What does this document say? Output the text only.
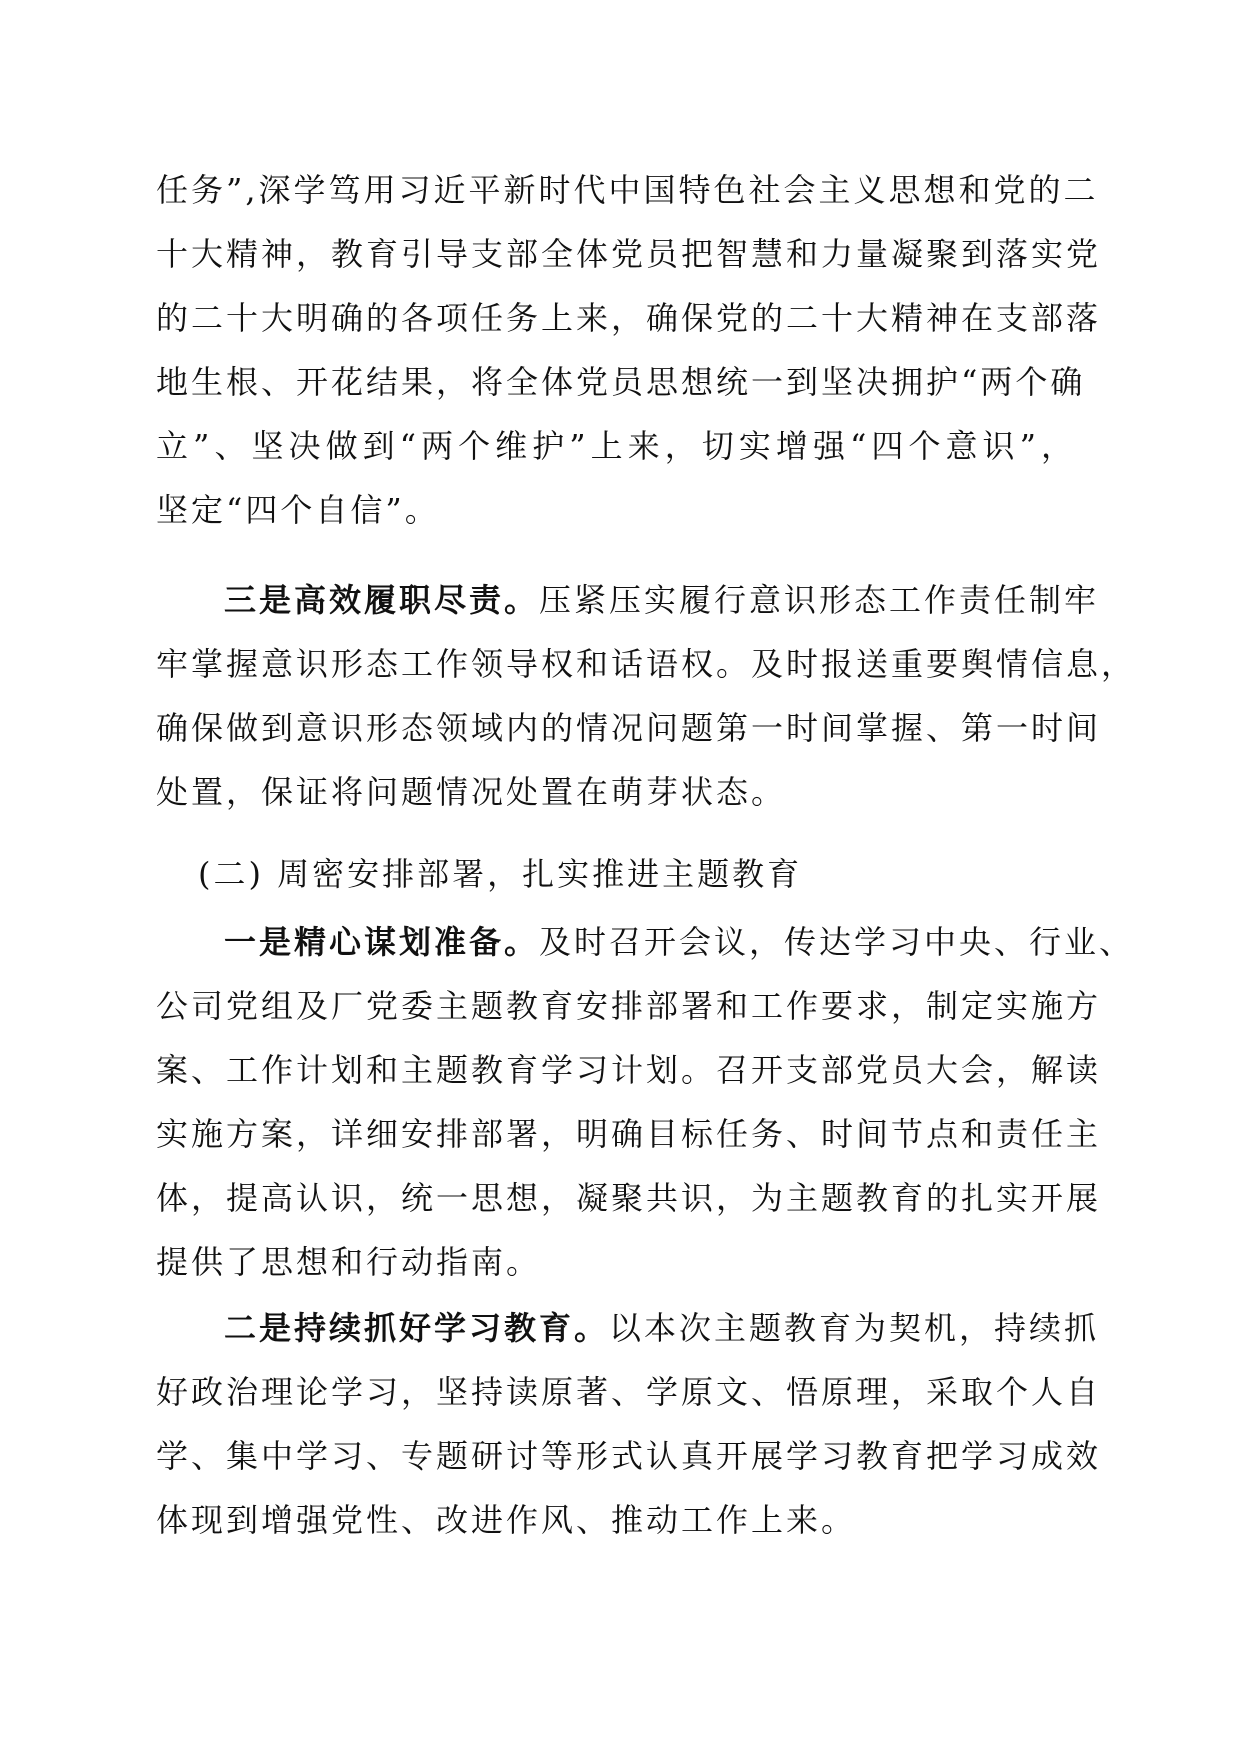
任务”,深学笃用习近平新时代中国特色社会主义思想和党的二
十大精神，教育引导支部全体党员把智慧和力量凝聚到落实党
的二十大明确的各项任务上来，确保党的二十大精神在支部落
地生根、开花结果，将全体党员思想统一到坚决拥护“两个确
立”、坚决做到“两个维护”上来，切实增强“四个意识”，
坚定“四个自信”。
三是高效履职尽责。压紧压实履行意识形态工作责任制牢
牢掌握意识形态工作领导权和话语权。及时报送重要舆情信息，
确保做到意识形态领域内的情况问题第一时间掌握、第一时间
处置，保证将问题情况处置在萌芽状态。
(二) 周密安排部署，扎实推进主题教育
一是精心谋划准备。及时召开会议，传达学习中央、行业、
公司党组及厂党委主题教育安排部署和工作要求，制定实施方
案、工作计划和主题教育学习计划。召开支部党员大会，解读
实施方案，详细安排部署，明确目标任务、时间节点和责任主
体，提高认识，统一思想，凝聚共识，为主题教育的扎实开展
提供了思想和行动指南。
二是持续抓好学习教育。以本次主题教育为契机，持续抓
好政治理论学习，坚持读原著、学原文、悟原理，采取个人自
学、集中学习、专题研讨等形式认真开展学习教育把学习成效
体现到增强党性、改进作风、推动工作上来。
